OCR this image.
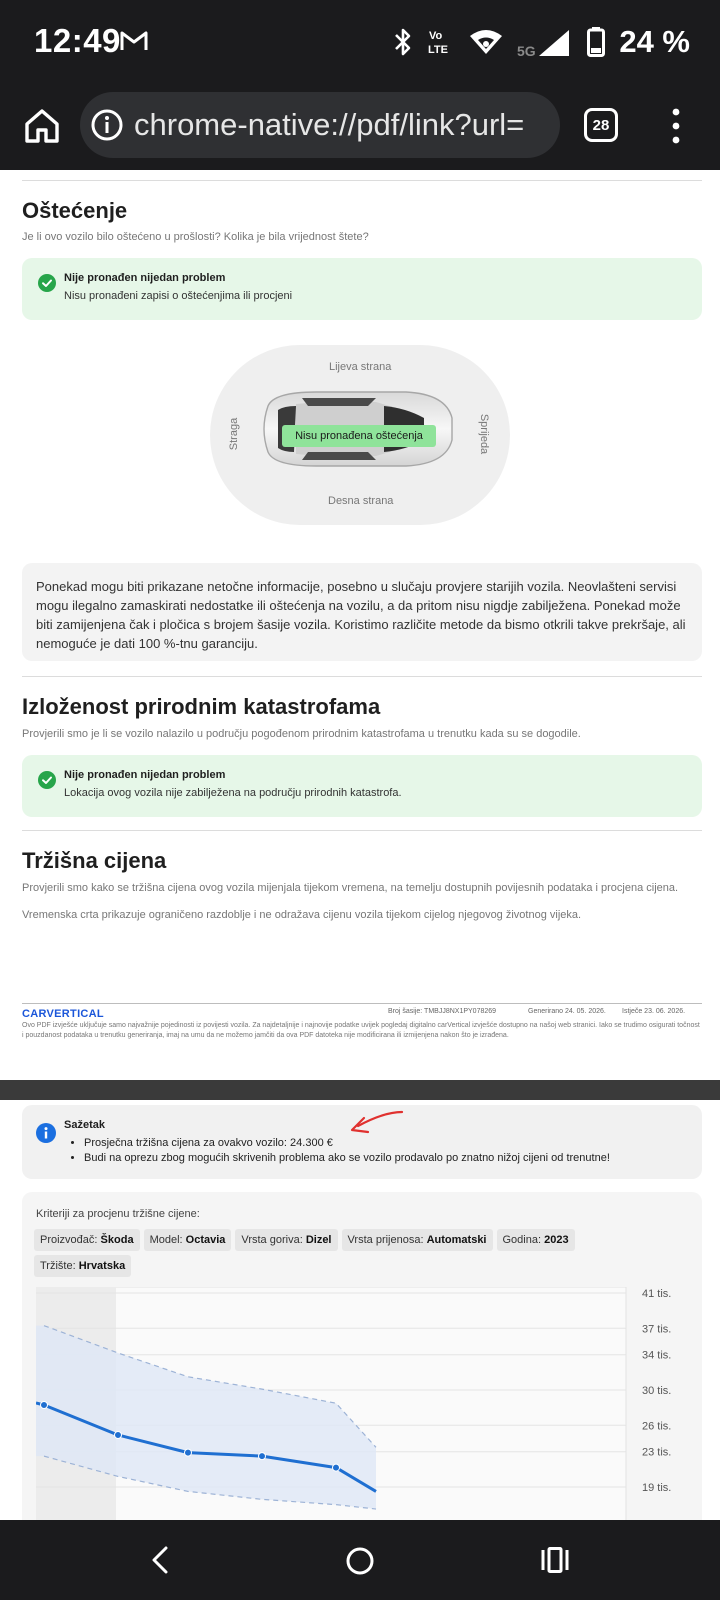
12:49	Vo
LTE	5G	24 %
chrome-native://pdf/link?url=	28
Oštećenje
Je li ovo vozilo bilo oštećeno u prošlosti? Kolika je bila vrijednost štete?
Nije pronađen nijedan problem
Nisu pronađeni zapisi o oštećenjima ili procjeni
Lijeva strana
Desna strana
Straga	Sprijeda
Nisu pronađena oštećenja
Ponekad mogu biti prikazane netočne informacije, posebno u slučaju provjere starijih vozila. Neovlašteni servisi mogu ilegalno zamaskirati nedostatke ili oštećenja na vozilu, a da pritom nisu nigdje zabilježena. Ponekad može biti zamijenjena čak i pločica s brojem šasije vozila. Koristimo različite metode da bismo otkrili takve prekršaje, ali nemoguće je dati 100 %-tnu garanciju.
Izloženost prirodnim katastrofama
Provjerili smo je li se vozilo nalazilo u području pogođenom prirodnim katastrofama u trenutku kada su se dogodile.
Nije pronađen nijedan problem
Lokacija ovog vozila nije zabilježena na području prirodnih katastrofa.
Tržišna cijena
Provjerili smo kako se tržišna cijena ovog vozila mijenjala tijekom vremena, na temelju dostupnih povijesnih podataka i procjena cijena.
Vremenska crta prikazuje ograničeno razdoblje i ne odražava cijenu vozila tijekom cijelog njegovog životnog vijeka.
CARVERTICAL	Broj šasije: TMBJJ8NX1PY078269	Generirano 24. 05. 2026. Istječe 23. 06. 2026.
Ovo PDF izvješće uključuje samo najvažnije pojedinosti iz povijesti vozila. Za najdetaljnije i najnovije podatke uvijek pogledaj digitalno carVertical izvješće dostupno na našoj web stranici. Iako se trudimo osigurati točnost i pouzdanost podataka u trenutku generiranja, imaj na umu da ne možemo jamčiti da ova PDF datoteka nije modificirana ili izmijenjena nakon što je izrađena.
Sažetak
• Prosječna tržišna cijena za ovakvo vozilo: 24.300 €
• Budi na oprezu zbog mogućih skrivenih problema ako se vozilo prodavalo po znatno nižoj cijeni od trenutne!
Kriteriji za procjenu tržišne cijene:
Proizvođač: Škoda	Model: Octavia	Vrsta goriva: Dizel	Vrsta prijenosa: Automatski	Godina: 2023
Tržište: Hrvatska
41 tis.
37 tis.
34 tis.
30 tis.
26 tis.
23 tis.
19 tis.
